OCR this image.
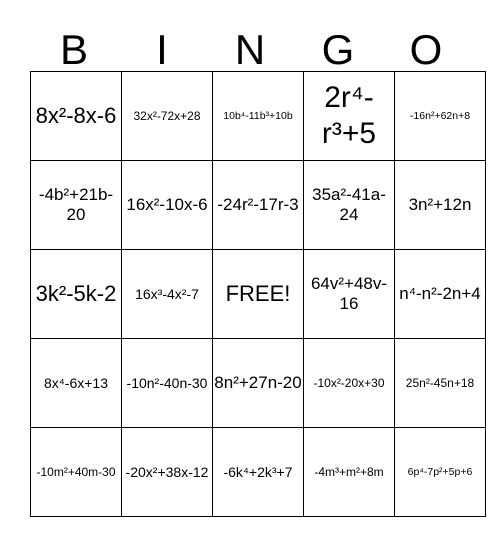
B	I	N	G	O
8x²-8x-6	32x²-72x+28	10b⁴-11b³+10b	2r⁴-r³+5	-16n²+62n+8
-4b²+21b-20	16x²-10x-6	-24r²-17r-3	35a²-41a-24	3n²+12n
3k²-5k-2	16x³-4x²-7	FREE!	64v²+48v-16	n⁴-n²-2n+4
8x⁴-6x+13	-10n²-40n-30	8n²+27n-20	-10x²-20x+30	25n²-45n+18
-10m²+40m-30	-20x²+38x-12	-6k⁴+2k³+7	-4m³+m²+8m	6p⁴-7p²+5p+6
